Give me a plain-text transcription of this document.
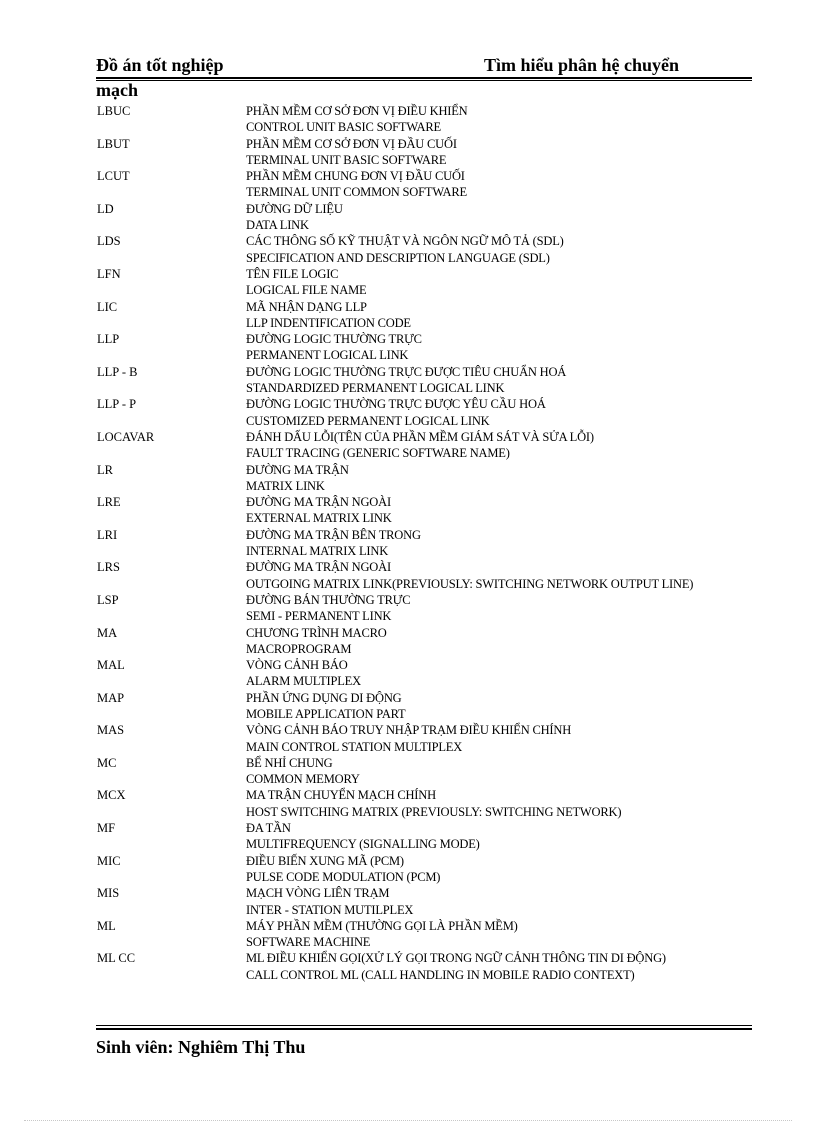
Đồ án tốt nghiệp	Tìm hiểu phân hệ chuyển
mạch
LBUC	PHẦN MỀM CƠ SỞ ĐƠN VỊ ĐIỀU KHIỂN
CONTROL UNIT BASIC SOFTWARE
LBUT	PHẦN MỀM CƠ SỞ ĐƠN VỊ ĐẦU CUỐI
TERMINAL UNIT BASIC SOFTWARE
LCUT	PHẦN MỀM CHUNG ĐƠN VỊ ĐẦU CUỐI
TERMINAL UNIT COMMON SOFTWARE
LD	ĐƯỜNG DỮ LIỆU
DATA LINK
LDS	CÁC THÔNG SỐ KỸ THUẬT VÀ NGÔN NGỮ MÔ TẢ (SDL)
SPECIFICATION AND DESCRIPTION LANGUAGE (SDL)
LFN	TÊN FILE LOGIC
LOGICAL FILE NAME
LIC	MÃ NHẬN DẠNG LLP
LLP INDENTIFICATION CODE
LLP	ĐƯỜNG LOGIC THƯỜNG TRỰC
PERMANENT LOGICAL LINK
LLP - B	ĐƯỜNG LOGIC THƯỜNG TRỰC ĐƯỢC TIÊU CHUẨN HOÁ
STANDARDIZED PERMANENT LOGICAL LINK
LLP - P	ĐƯỜNG LOGIC THƯỜNG TRỰC ĐƯỢC YÊU CẦU HOÁ
CUSTOMIZED PERMANENT LOGICAL LINK
LOCAVAR	ĐÁNH DẤU LỖI(TÊN CỦA PHẦN MỀM GIÁM SÁT VÀ SỬA LỖI)
FAULT TRACING (GENERIC SOFTWARE NAME)
LR	ĐƯỜNG MA TRẬN
MATRIX LINK
LRE	ĐƯỜNG MA TRẬN NGOÀI
EXTERNAL MATRIX LINK
LRI	ĐƯỜNG MA TRẬN BÊN TRONG
INTERNAL MATRIX LINK
LRS	ĐƯỜNG MA TRẬN NGOÀI
OUTGOING MATRIX LINK(PREVIOUSLY: SWITCHING NETWORK OUTPUT LINE)
LSP	ĐƯỜNG BÁN THƯỜNG TRỰC
SEMI - PERMANENT LINK
MA	CHƯƠNG TRÌNH MACRO
MACROPROGRAM
MAL	VÒNG CẢNH BÁO
ALARM MULTIPLEX
MAP	PHẦN ỨNG DỤNG DI ĐỘNG
MOBILE APPLICATION PART
MAS	VÒNG CẢNH BÁO TRUY NHẬP TRẠM ĐIỀU KHIỂN CHÍNH
MAIN CONTROL STATION MULTIPLEX
MC	BỂ NHỈ CHUNG
COMMON MEMORY
MCX	MA TRẬN CHUYỂN MẠCH CHÍNH
HOST SWITCHING MATRIX (PREVIOUSLY: SWITCHING NETWORK)
MF	ĐA TẦN
MULTIFREQUENCY (SIGNALLING MODE)
MIC	ĐIỀU BIẾN XUNG MÃ (PCM)
PULSE CODE MODULATION (PCM)
MIS	MẠCH VÒNG LIÊN TRẠM
INTER - STATION MUTILPLEX
ML	MÁY PHẦN MỀM (THƯỜNG GỌI LÀ PHẦN MỀM)
SOFTWARE MACHINE
ML CC	ML ĐIỀU KHIỂN GỌI(XỬ LÝ GỌI TRONG NGỮ CẢNH THÔNG TIN DI ĐỘNG)
CALL CONTROL ML (CALL HANDLING IN MOBILE RADIO CONTEXT)
Sinh viên: Nghiêm Thị Thu
